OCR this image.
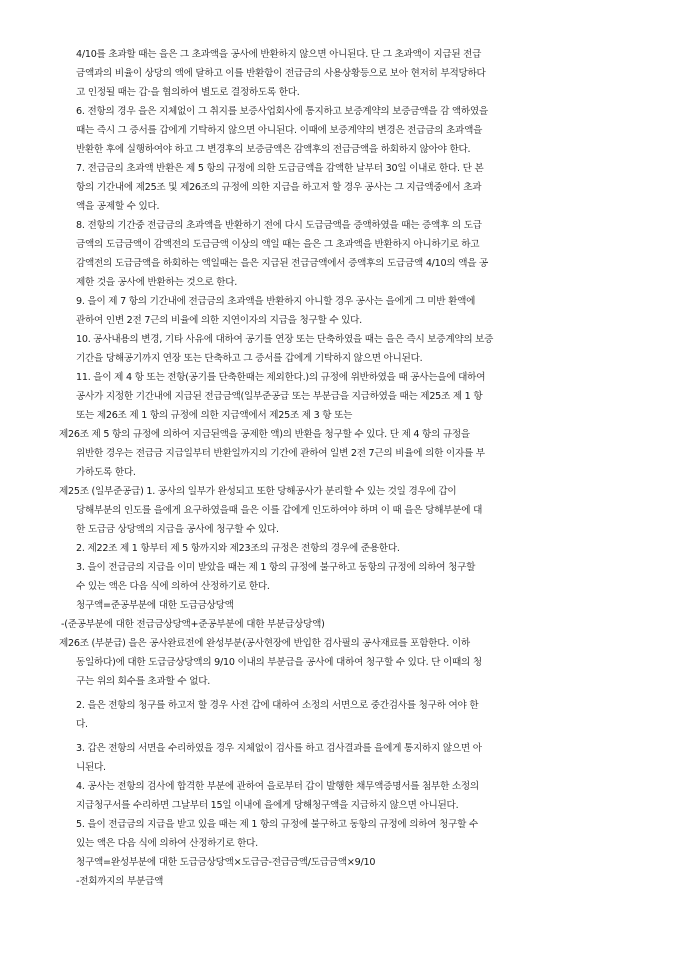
4/10를 초과할 때는 을은 그 초과액을 공사에 반환하지 않으면 아니된다. 단 그 초과액이 지급된 전급
금액과의 비율이 상당의 액에 달하고 이를 반환함이 전급금의 사용상황등으로 보아 현저히 부적당하다
고 인정될 때는 갑·을 협의하여 별도로 결정하도록 한다.
6. 전항의 경우 을은 지체없이 그 취지를 보증사업회사에 통지하고 보증계약의 보증금액을 감 액하였을
때는 즉시 그 증서를 갑에게 기탁하지 않으면 아니된다. 이때에 보증계약의 변경은 전급금의 초과액을
반환한 후에 실행하여야 하고 그 변경후의 보증금액은 감액후의 전급금액을 하회하지 않아야 한다.
7. 전급금의 초과액 반환은 제 5 항의 규정에 의한 도급금액을 감액한 날부터 30일 이내로 한다. 단 본
항의 기간내에 제25조 및 제26조의 규정에 의한 지급을 하고저 할 경우 공사는 그 지급액중에서 초과
액을 공제할 수 있다.
8. 전항의 기간중 전급금의 초과액을 반환하기 전에 다시 도급금액을 증액하였을 때는 증액후 의 도급
금액의 도급금액이 감액전의 도급금액 이상의 액일 때는 을은 그 초과액을 반환하지 아니하기로 하고
감액전의 도급금액을 하회하는 액일때는 을은 지급된 전급금액에서 증액후의 도급금액 4/10의 액을 공
제한 것을 공사에 반환하는 것으로 한다.
9. 을이 제 7 항의 기간내에 전급금의 초과액을 반환하지 아니할 경우 공사는 을에게 그 미반 환액에
관하여 인변 2전 7근의 비율에 의한 지연이자의 지급을 청구할 수 있다.
10. 공사내용의 변경, 기타 사유에 대하여 공기를 연장 또는 단축하였을 때는 을은 즉시 보증계약의 보증
기간을 당해공기까지 연장 또는 단축하고 그 증서를 갑에게 기탁하지 않으면 아니된다.
11. 을이 제 4 항 또는 전항(공기를 단축한때는 제외한다.)의 규정에 위반하였을 때 공사는을에 대하여
공사가 지정한 기간내에 지급된 전급금액(일부준공급 또는 부분급을 지급하였을 때는 제25조 제 1 항
또는 제26조 제 1 항의 규정에 의한 지급액에서 제25조 제 3 항 또는
제26조 제 5 항의 규정에 의하여 지급된액을 공제한 액)의 반환을 청구할 수 있다. 단 제 4 항의 규정을
위반한 경우는 전급금 지급일부터 반환일까지의 기간에 관하여 일변 2전 7근의 비율에 의한 이자를 부
가하도록 한다.
제25조 (일부준공급) 1. 공사의 일부가 완성되고 또한 당해공사가 분리할 수 있는 것일 경우에 갑이
당해부분의 인도를 을에게 요구하였을때 을은 이를 갑에게 인도하여야 하며 이 때 을은 당해부분에 대
한 도급금 상당액의 지급을 공사에 청구할 수 있다.
2. 제22조 제 1 항부터 제 5 항까지와 제23조의 규정은 전항의 경우에 준용한다.
3. 을이 전급금의 지급을 이미 받았을 때는 제 1 항의 규정에 불구하고 동항의 규정에 의하여 청구할
수 있는 액은 다음 식에 의하여 산정하기로 한다.
청구액=준공부분에 대한 도급금상당액
-(준공부분에 대한 전급금상당액+준공부분에 대한 부분급상당액)
제26조 (부분급) 을은 공사완료전에 완성부분(공사현장에 반입한 검사필의 공사재료를 포함한다. 이하
동일하다)에 대한 도급금상당액의 9/10 이내의 부분급을 공사에 대하여 청구할 수 있다. 단 이때의 청
구는 위의 회수를 초과할 수 없다.
2. 을은 전항의 청구를 하고저 할 경우 사전 갑에 대하여 소정의 서면으로 중간검사를 청구하 여야 한
다.
3. 갑은 전항의 서면을 수리하였을 경우 지체없이 검사를 하고 검사결과를 을에게 통지하지 않으면 아
니된다.
4. 공사는 전항의 검사에 합격한 부분에 관하여 을로부터 갑이 발행한 채무액증명서를 첨부한 소정의
지급청구서를 수리하면 그날부터 15일 이내에 을에게 당해청구액을 지급하지 않으면 아니된다.
5. 을이 전급금의 지급을 받고 있을 때는 제 1 항의 규정에 불구하고 동항의 규정에 의하여 청구할 수
있는 액은 다음 식에 의하여 산정하기로 한다.
청구액=완성부분에 대한 도급금상당액×도급금-전급금액/도급금액×9/10
-전회까지의 부분급액
